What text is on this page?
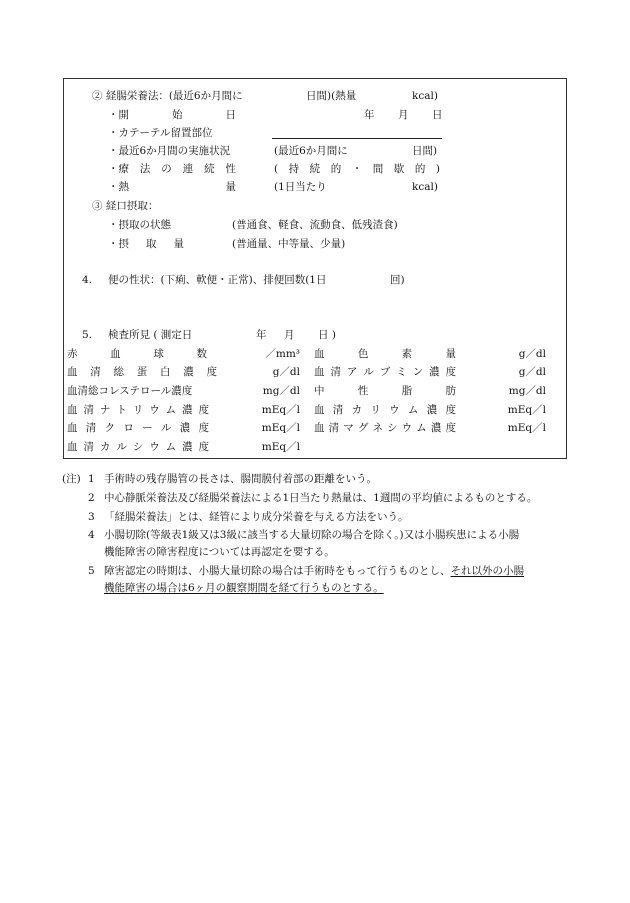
② 経腸栄養法：(最近6か月間に	日間)(熱量	kcal)
・開	始	日	年 月 日
・カテーテル留置部位
・最近6か月間の実施状況	(最近6か月間に	日間)
・療 法 の 連 続 性	( 持 続 的 ・ 間 歇 的 )
・熱	量	(1日当たり	kcal)
③ 経口摂取：
・摂取の状態	(普通食、軽食、流動食、低残渣食)
・摂 取 量	(普通量、中等量、少量)
4. 便の性状：(下痢、軟便・正常)、排便回数(1日	回)
5. 検査所見 ( 測定日	年 月 日 )
赤	血	球	数	／mm³ 血	色	素	量	g／dl
血 清 総 蛋 白 濃 度	g／dl 血 清 ア ル ブ ミ ン 濃 度	g／dl
血清総コレステロール濃度	mg／dl 中	性	脂	肪	mg／dl
血 清 ナ ト リ ウ ム 濃 度	mEq／l 血 清 カ リ ウ ム 濃 度	mEq／l
血 清 ク ロ ー ル 濃 度	mEq／l 血 清 マ グ ネ シ ウ ム 濃 度	mEq／l
血 清 カ ル シ ウ ム 濃 度	mEq／l
(注) 1 手術時の残存腸管の長さは、腸間膜付着部の距離をいう。
2 中心静脈栄養法及び経腸栄養法による1日当たり熱量は、1週間の平均値によるものとする。
3 「経腸栄養法」とは、経管により成分栄養を与える方法をいう。
4 小腸切除(等級表1級又は3級に該当する大量切除の場合を除く。)又は小腸疾患による小腸
機能障害の障害程度については再認定を要する。
5 障害認定の時期は、小腸大量切除の場合は手術時をもって行うものとし、それ以外の小腸
機能障害の場合は6ヶ月の観察期間を経て行うものとする。
